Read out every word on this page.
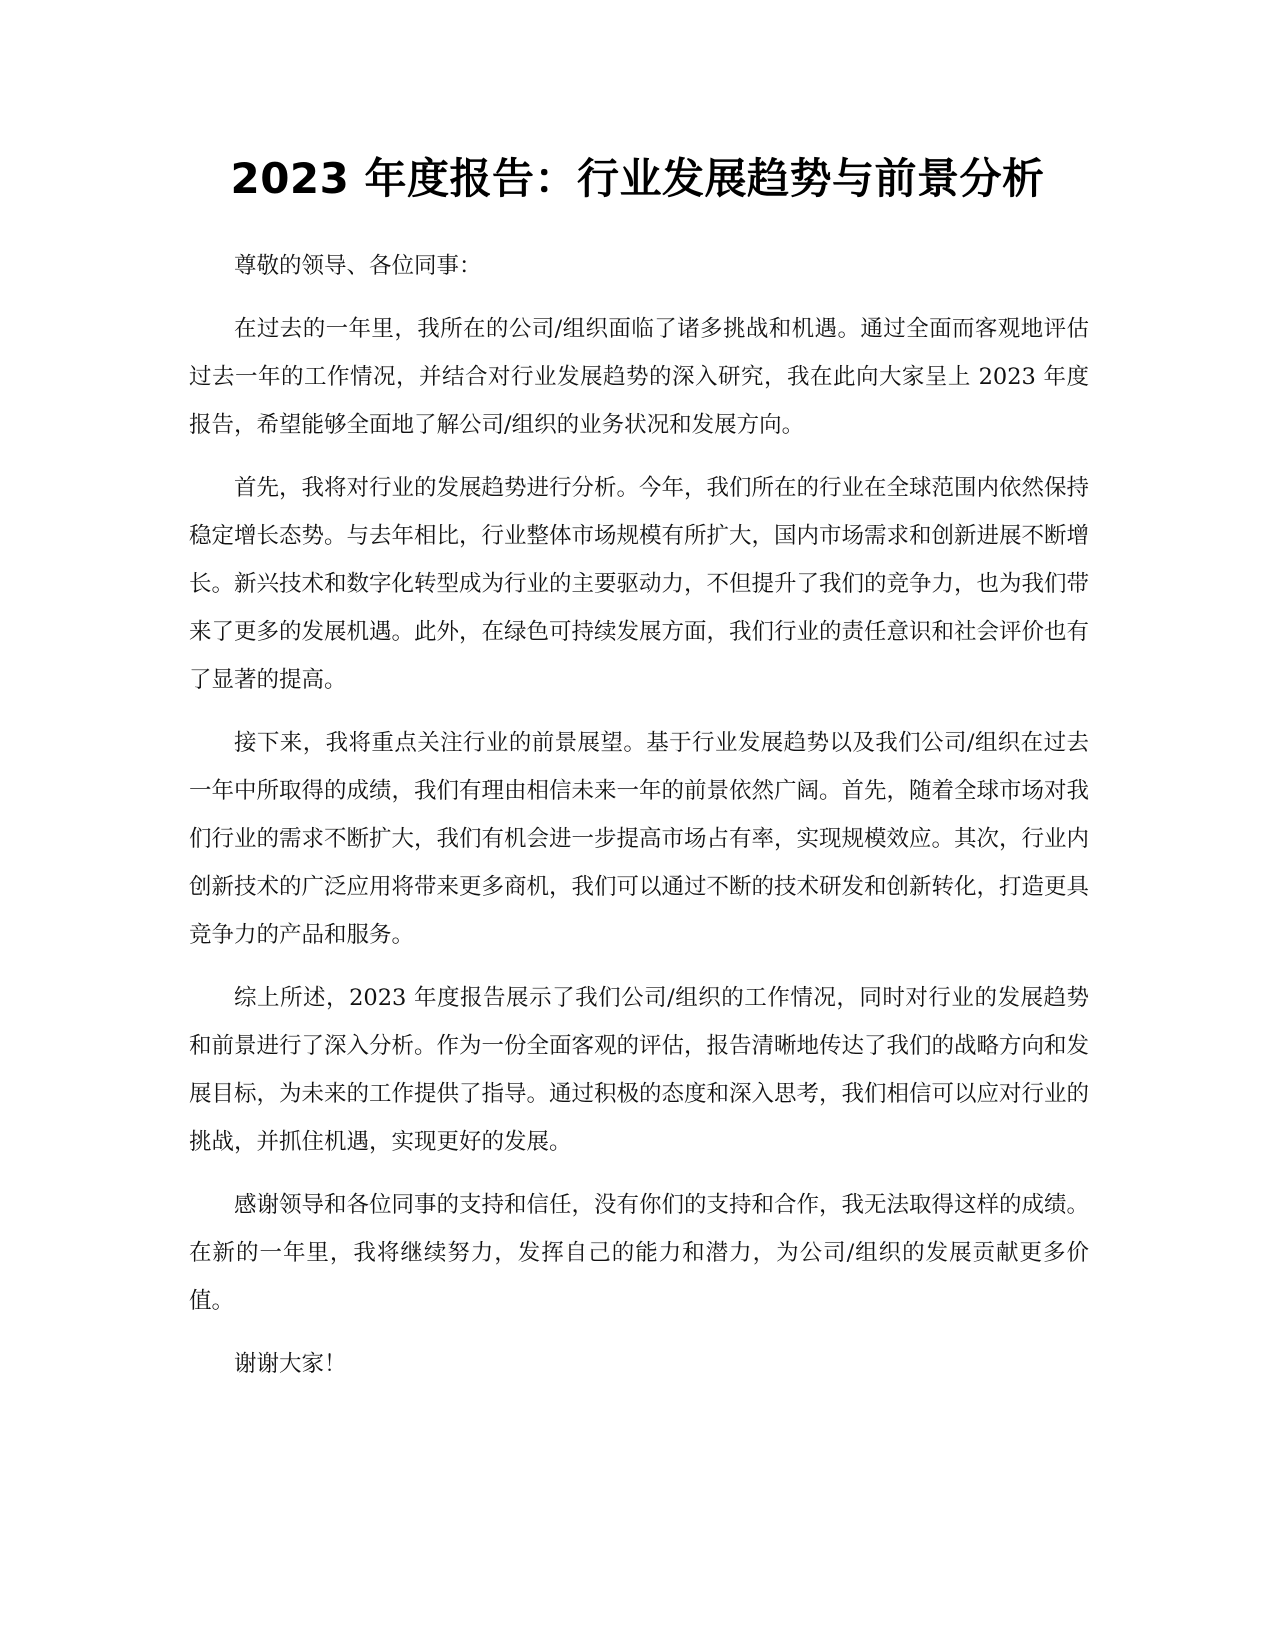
2023 年度报告：行业发展趋势与前景分析

尊敬的领导、各位同事：

在过去的一年里，我所在的公司/组织面临了诸多挑战和机遇。通过全面而客观地评估过去一年的工作情况，并结合对行业发展趋势的深入研究，我在此向大家呈上 2023 年度报告，希望能够全面地了解公司/组织的业务状况和发展方向。

首先，我将对行业的发展趋势进行分析。今年，我们所在的行业在全球范围内依然保持稳定增长态势。与去年相比，行业整体市场规模有所扩大，国内市场需求和创新进展不断增长。新兴技术和数字化转型成为行业的主要驱动力，不但提升了我们的竞争力，也为我们带来了更多的发展机遇。此外，在绿色可持续发展方面，我们行业的责任意识和社会评价也有了显著的提高。

接下来，我将重点关注行业的前景展望。基于行业发展趋势以及我们公司/组织在过去一年中所取得的成绩，我们有理由相信未来一年的前景依然广阔。首先，随着全球市场对我们行业的需求不断扩大，我们有机会进一步提高市场占有率，实现规模效应。其次，行业内创新技术的广泛应用将带来更多商机，我们可以通过不断的技术研发和创新转化，打造更具竞争力的产品和服务。

综上所述，2023 年度报告展示了我们公司/组织的工作情况，同时对行业的发展趋势和前景进行了深入分析。作为一份全面客观的评估，报告清晰地传达了我们的战略方向和发展目标，为未来的工作提供了指导。通过积极的态度和深入思考，我们相信可以应对行业的挑战，并抓住机遇，实现更好的发展。

感谢领导和各位同事的支持和信任，没有你们的支持和合作，我无法取得这样的成绩。在新的一年里，我将继续努力，发挥自己的能力和潜力，为公司/组织的发展贡献更多价值。

谢谢大家！
